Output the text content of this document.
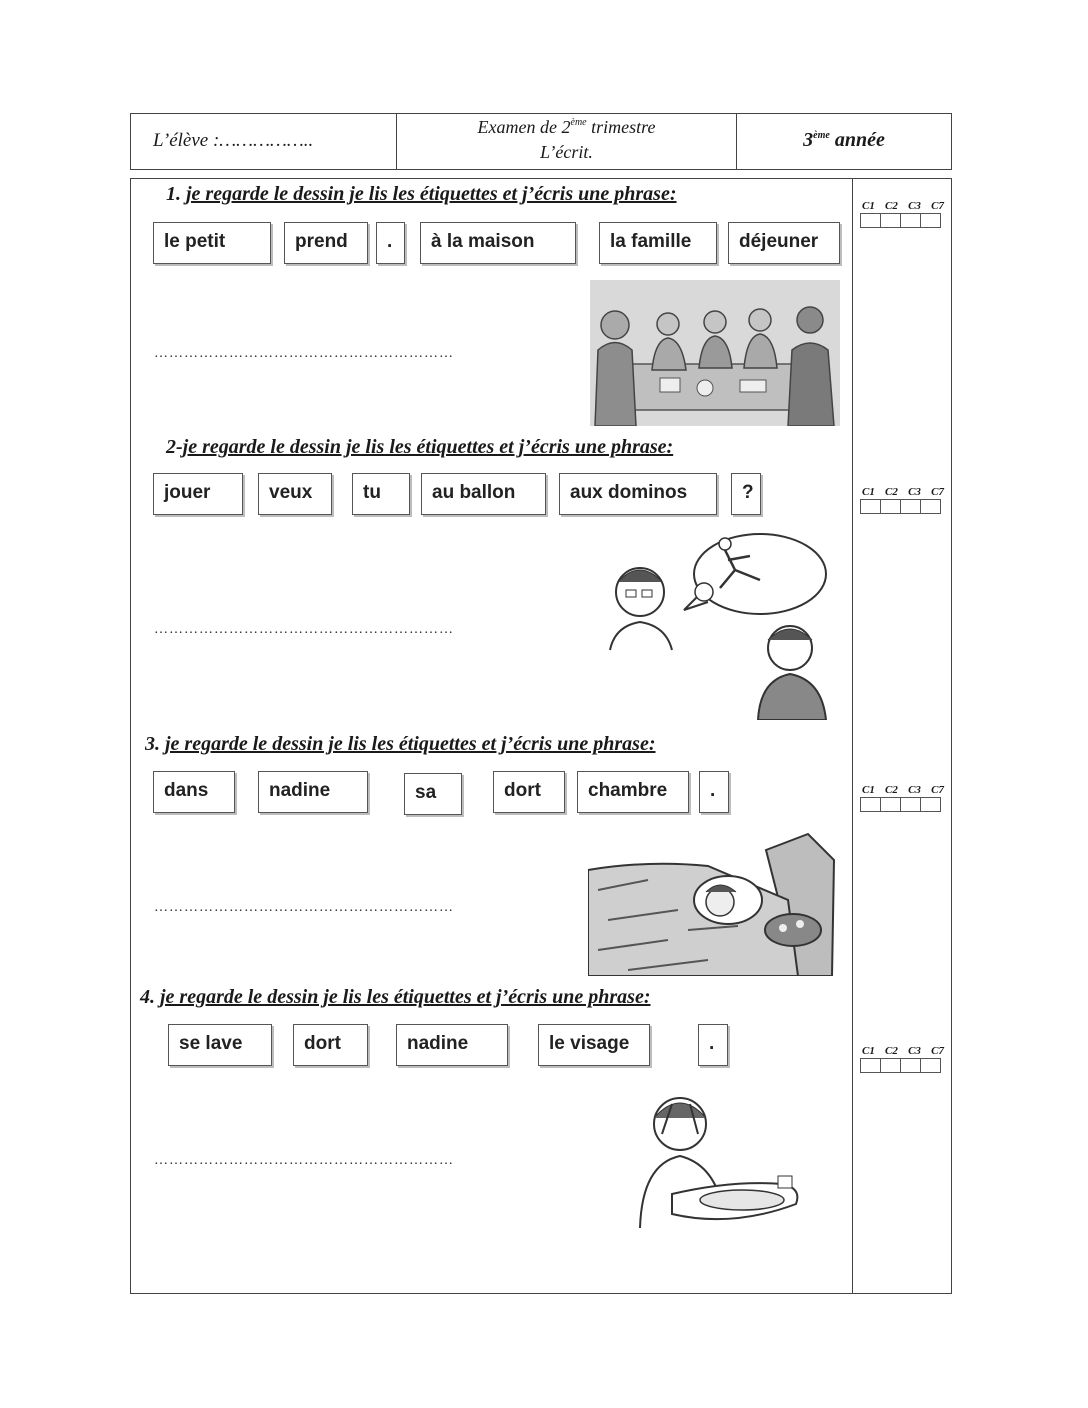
L’élève :……………..
Examen de 2ème trimestre
L’écrit.
3ème année
1. je regarde le dessin je lis les étiquettes et j’écris une phrase:
le petit	prend	.	à la maison	la famille	déjeuner
……………………………………………………
C1 C2 C3 C7
2-je regarde le dessin je lis les étiquettes et j’écris une phrase:
jouer	veux	tu	au ballon	aux dominos	?
……………………………………………………
C1 C2 C3 C7
3. je regarde le dessin je lis les étiquettes et j’écris une phrase:
dans	nadine	sa	dort	chambre	.
……………………………………………………
C1 C2 C3 C7
4. je regarde le dessin je lis les étiquettes et j’écris une phrase:
se lave	dort	nadine	le visage	.
……………………………………………………
C1 C2 C3 C7
